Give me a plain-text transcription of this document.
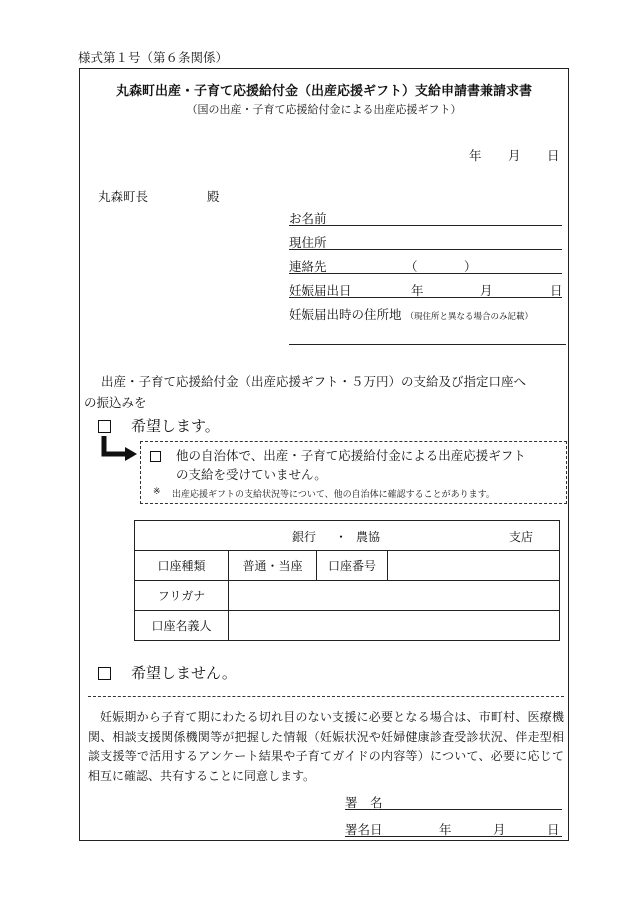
様式第１号（第６条関係）
丸森町出産・子育て応援給付金（出産応援ギフト）支給申請書兼請求書
（国の出産・子育て応援給付金による出産応援ギフト）
年 月 日
丸森町長	殿
お名前
現住所
連絡先	（	）
妊娠届出日	年	月	日
妊娠届出時の住所地 （現住所と異なる場合のみ記載）
出産・子育て応援給付金（出産応援ギフト・５万円）の支給及び指定口座へ
の振込みを
希望します。
他の自治体で、出産・子育て応援給付金による出産応援ギフト
の支給を受けていません。
※ 出産応援ギフトの支給状況等について、他の自治体に確認することがあります。
銀行 ・ 農協 支店			

口座種類	普通・当座	口座番号	
フリガナ			
口座名義人			
希望しません。
妊娠期から子育て期にわたる切れ目のない支援に必要となる場合は、市町村、医療機関、相談支援関係機関等が把握した情報（妊娠状況や妊婦健康診査受診状況、伴走型相談支援等で活用するアンケート結果や子育てガイドの内容等）について、必要に応じて相互に確認、共有することに同意します。
署　名
署名日	年	月	日
